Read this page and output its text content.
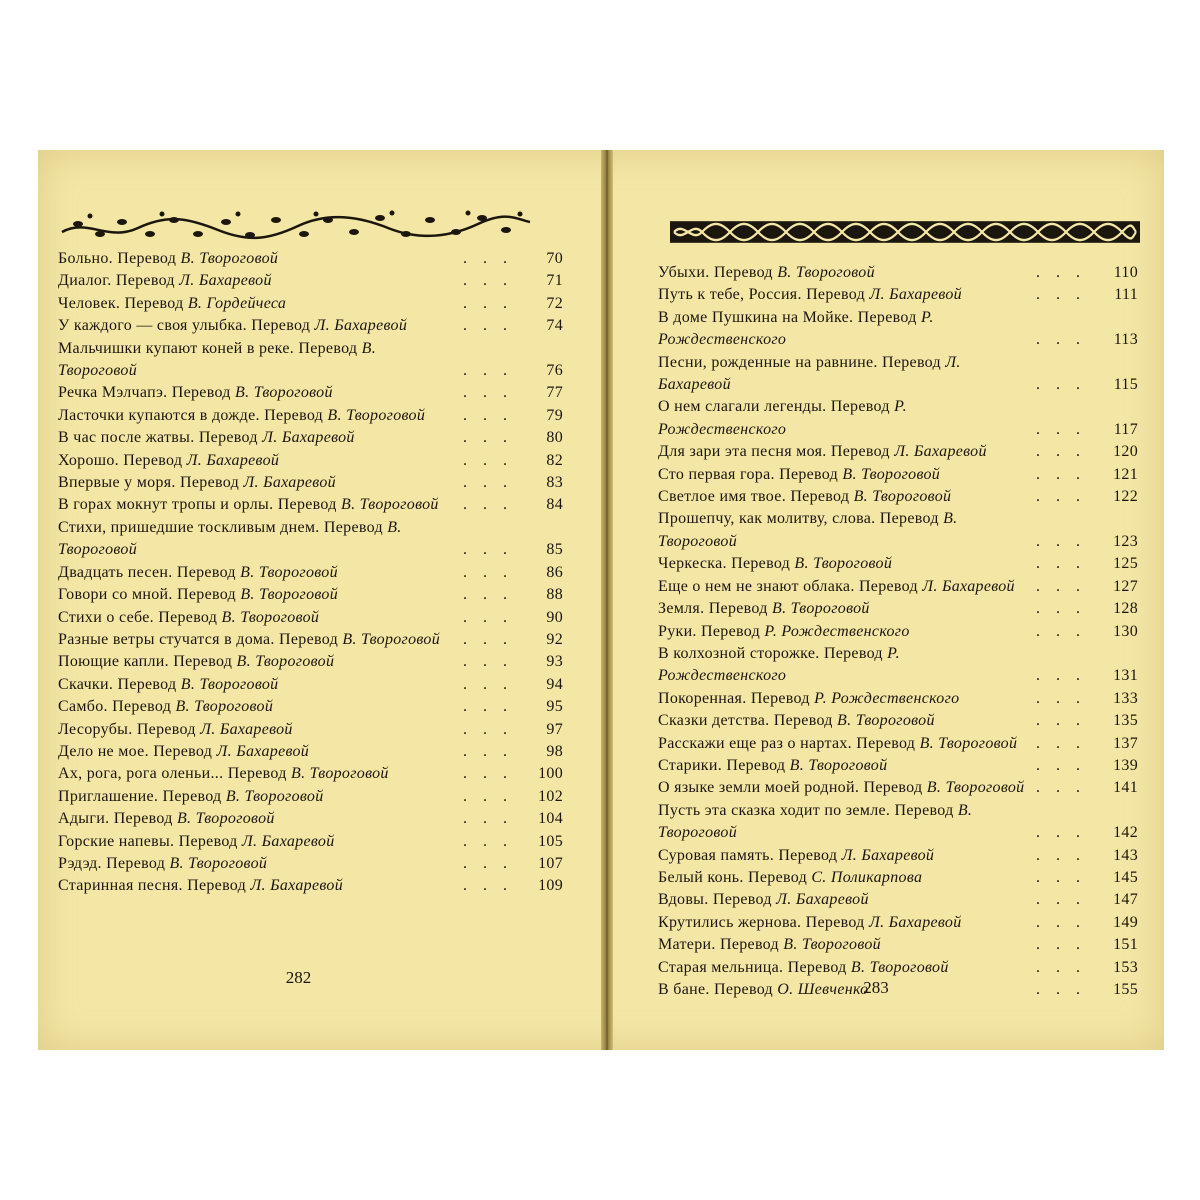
Больно. Перевод В. Твороговой	. . .	70
Диалог. Перевод Л. Бахаревой	. . .	71
Человек. Перевод В. Гордейчеса	. . .	72
У каждого — своя улыбка. Перевод Л. Бахаревой	. . .	74
Мальчишки купают коней в реке. Перевод В. Твороговой	. . .	76
Речка Мэлчапэ. Перевод В. Твороговой	. . .	77
Ласточки купаются в дожде. Перевод В. Твороговой	. . .	79
В час после жатвы. Перевод Л. Бахаревой	. . .	80
Хорошо. Перевод Л. Бахаревой	. . .	82
Впервые у моря. Перевод Л. Бахаревой	. . .	83
В горах мокнут тропы и орлы. Перевод В. Твороговой	. . .	84
Стихи, пришедшие тоскливым днем. Перевод В. Твороговой	. . .	85
Двадцать песен. Перевод В. Твороговой	. . .	86
Говори со мной. Перевод В. Твороговой	. . .	88
Стихи о себе. Перевод В. Твороговой	. . .	90
Разные ветры стучатся в дома. Перевод В. Твороговой	. . .	92
Поющие капли. Перевод В. Твороговой	. . .	93
Скачки. Перевод В. Твороговой	. . .	94
Самбо. Перевод В. Твороговой	. . .	95
Лесорубы. Перевод Л. Бахаревой	. . .	97
Дело не мое. Перевод Л. Бахаревой	. . .	98
Ах, рога, рога оленьи... Перевод В. Твороговой	. . .	100
Приглашение. Перевод В. Твороговой	. . .	102
Адыги. Перевод В. Твороговой	. . .	104
Горские напевы. Перевод Л. Бахаревой	. . .	105
Рэдэд. Перевод В. Твороговой	. . .	107
Старинная песня. Перевод Л. Бахаревой	. . .	109
282
Убыхи. Перевод В. Твороговой	. . .	110
Путь к тебе, Россия. Перевод Л. Бахаревой	. . .	111
В доме Пушкина на Мойке. Перевод Р. Рождественского	. . .	113
Песни, рожденные на равнине. Перевод Л. Бахаревой	. . .	115
О нем слагали легенды. Перевод Р. Рождественского	. . .	117
Для зари эта песня моя. Перевод Л. Бахаревой	. . .	120
Сто первая гора. Перевод В. Твороговой	. . .	121
Светлое имя твое. Перевод В. Твороговой	. . .	122
Прошепчу, как молитву, слова. Перевод В. Твороговой	. . .	123
Черкеска. Перевод В. Твороговой	. . .	125
Еще о нем не знают облака. Перевод Л. Бахаревой	. . .	127
Земля. Перевод В. Твороговой	. . .	128
Руки. Перевод Р. Рождественского	. . .	130
В колхозной сторожке. Перевод Р. Рождественского	. . .	131
Покоренная. Перевод Р. Рождественского	. . .	133
Сказки детства. Перевод В. Твороговой	. . .	135
Расскажи еще раз о нартах. Перевод В. Твороговой	. . .	137
Старики. Перевод В. Твороговой	. . .	139
О языке земли моей родной. Перевод В. Твороговой . . .	141
Пусть эта сказка ходит по земле. Перевод В. Твороговой	. . .	142
Суровая память. Перевод Л. Бахаревой	. . .	143
Белый конь. Перевод С. Поликарпова	. . .	145
Вдовы. Перевод Л. Бахаревой	. . .	147
Крутились жернова. Перевод Л. Бахаревой	. . .	149
Матери. Перевод В. Твороговой	. . .	151
Старая мельница. Перевод В. Твороговой	. . .	153
В бане. Перевод О. Шевченко	. . .	155
283
